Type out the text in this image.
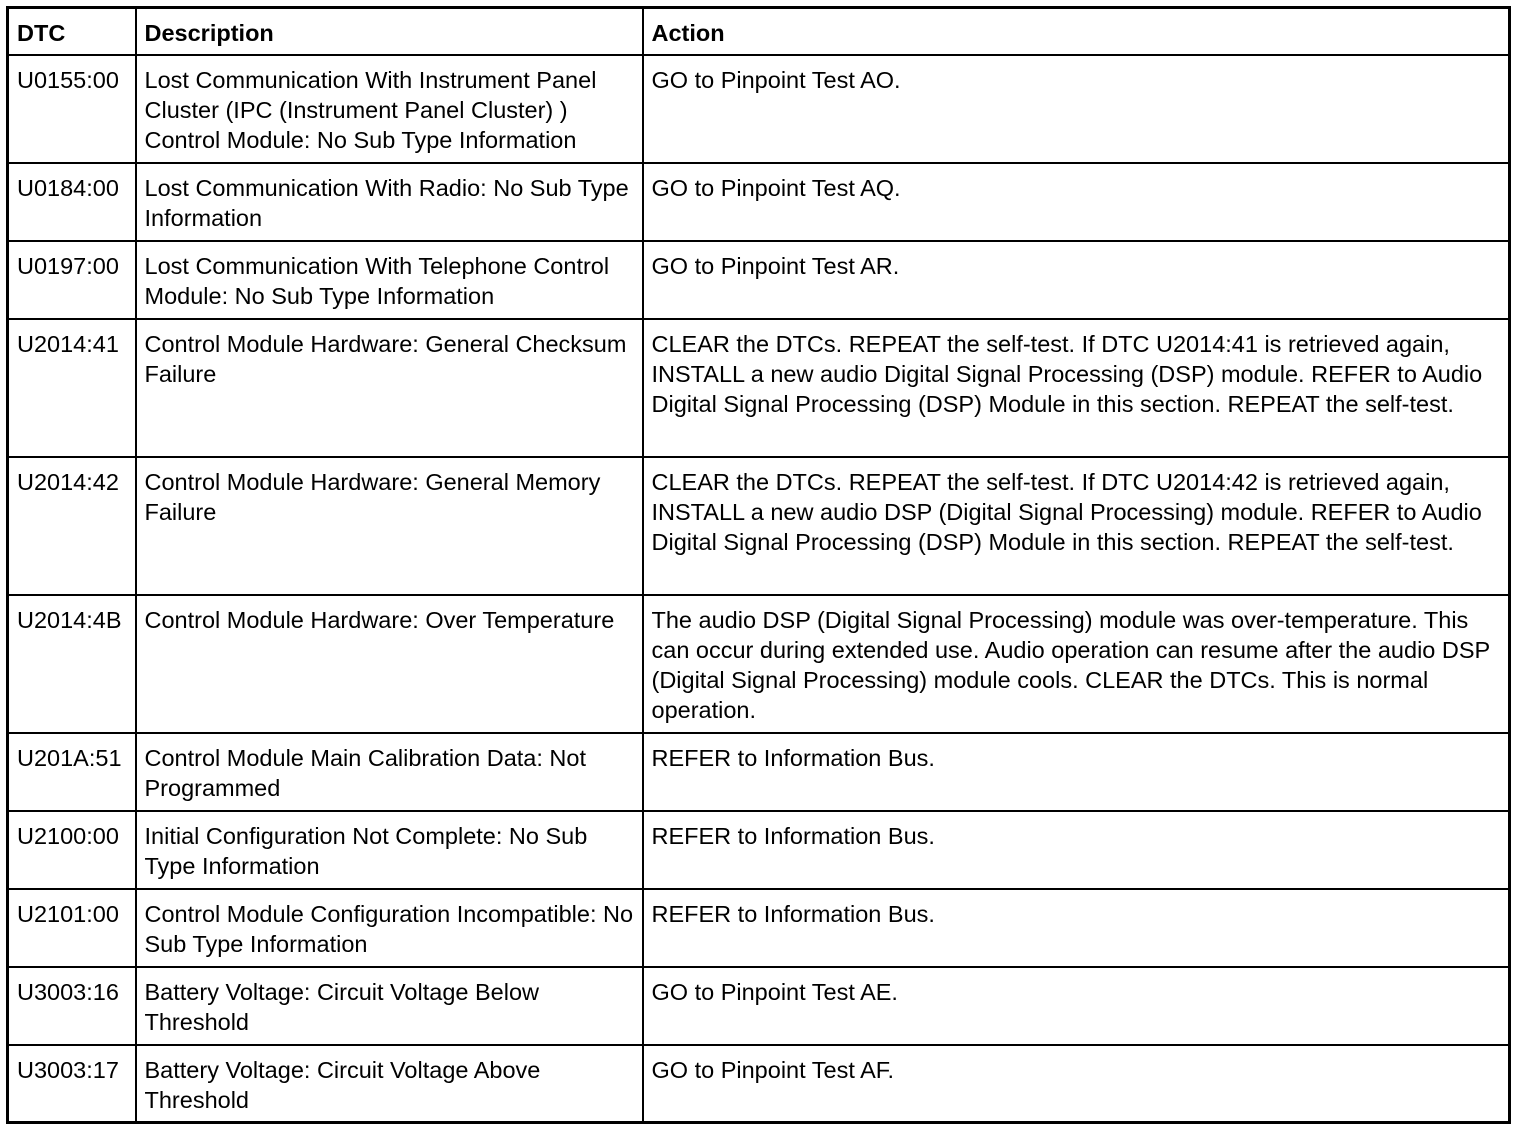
DTC	Description	Action
U0155:00	Lost Communication With Instrument Panel Cluster (IPC (Instrument Panel Cluster) ) Control Module: No Sub Type Information	GO to Pinpoint Test AO.
U0184:00	Lost Communication With Radio: No Sub Type Information	GO to Pinpoint Test AQ.
U0197:00	Lost Communication With Telephone Control Module: No Sub Type Information	GO to Pinpoint Test AR.
U2014:41	Control Module Hardware: General Checksum Failure	CLEAR the DTCs. REPEAT the self-test. If DTC U2014:41 is retrieved again, INSTALL a new audio Digital Signal Processing (DSP) module. REFER to Audio Digital Signal Processing (DSP) Module in this section. REPEAT the self-test.
U2014:42	Control Module Hardware: General Memory Failure	CLEAR the DTCs. REPEAT the self-test. If DTC U2014:42 is retrieved again, INSTALL a new audio DSP (Digital Signal Processing) module. REFER to Audio Digital Signal Processing (DSP) Module in this section. REPEAT the self-test.
U2014:4B	Control Module Hardware: Over Temperature	The audio DSP (Digital Signal Processing) module was over-temperature. This can occur during extended use. Audio operation can resume after the audio DSP (Digital Signal Processing) module cools. CLEAR the DTCs. This is normal operation.
U201A:51	Control Module Main Calibration Data: Not Programmed	REFER to Information Bus.
U2100:00	Initial Configuration Not Complete: No Sub Type Information	REFER to Information Bus.
U2101:00	Control Module Configuration Incompatible: No Sub Type Information	REFER to Information Bus.
U3003:16	Battery Voltage: Circuit Voltage Below Threshold	GO to Pinpoint Test AE.
U3003:17	Battery Voltage: Circuit Voltage Above Threshold	GO to Pinpoint Test AF.
